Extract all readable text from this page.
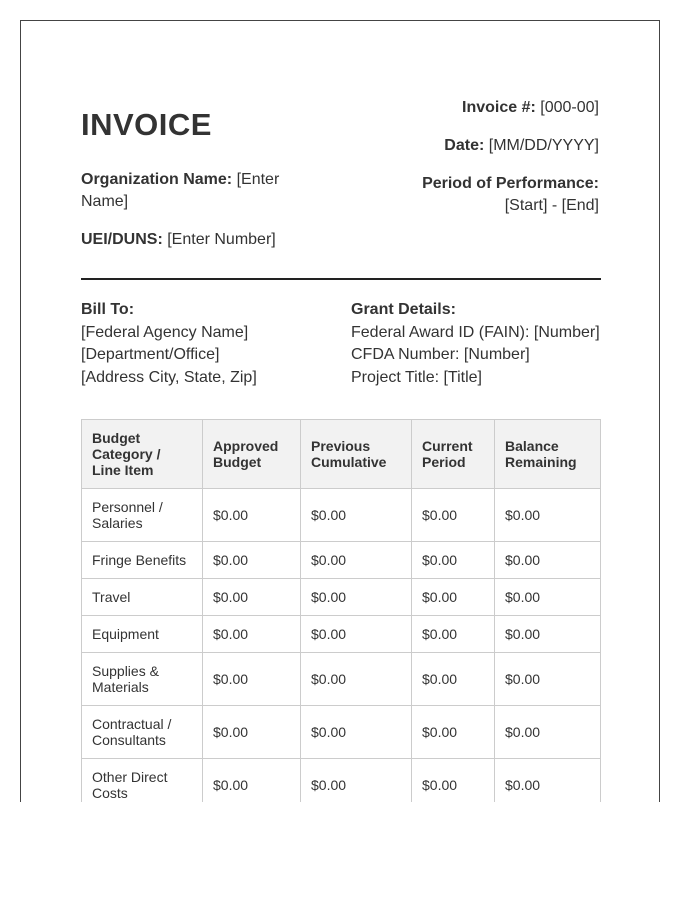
INVOICE
Organization Name: [Enter Name]
UEI/DUNS: [Enter Number]
Invoice #: [000-00]
Date: [MM/DD/YYYY]
Period of Performance: [Start] - [End]
Bill To:
[Federal Agency Name]
[Department/Office]
[Address City, State, Zip]
Grant Details:
Federal Award ID (FAIN): [Number]
CFDA Number: [Number]
Project Title: [Title]
Budget Category / Line Item	Approved Budget	Previous Cumulative	Current Period	Balance Remaining
Personnel / Salaries	$0.00	$0.00	$0.00	$0.00
Fringe Benefits	$0.00	$0.00	$0.00	$0.00
Travel	$0.00	$0.00	$0.00	$0.00
Equipment	$0.00	$0.00	$0.00	$0.00
Supplies & Materials	$0.00	$0.00	$0.00	$0.00
Contractual / Consultants	$0.00	$0.00	$0.00	$0.00
Other Direct Costs	$0.00	$0.00	$0.00	$0.00
